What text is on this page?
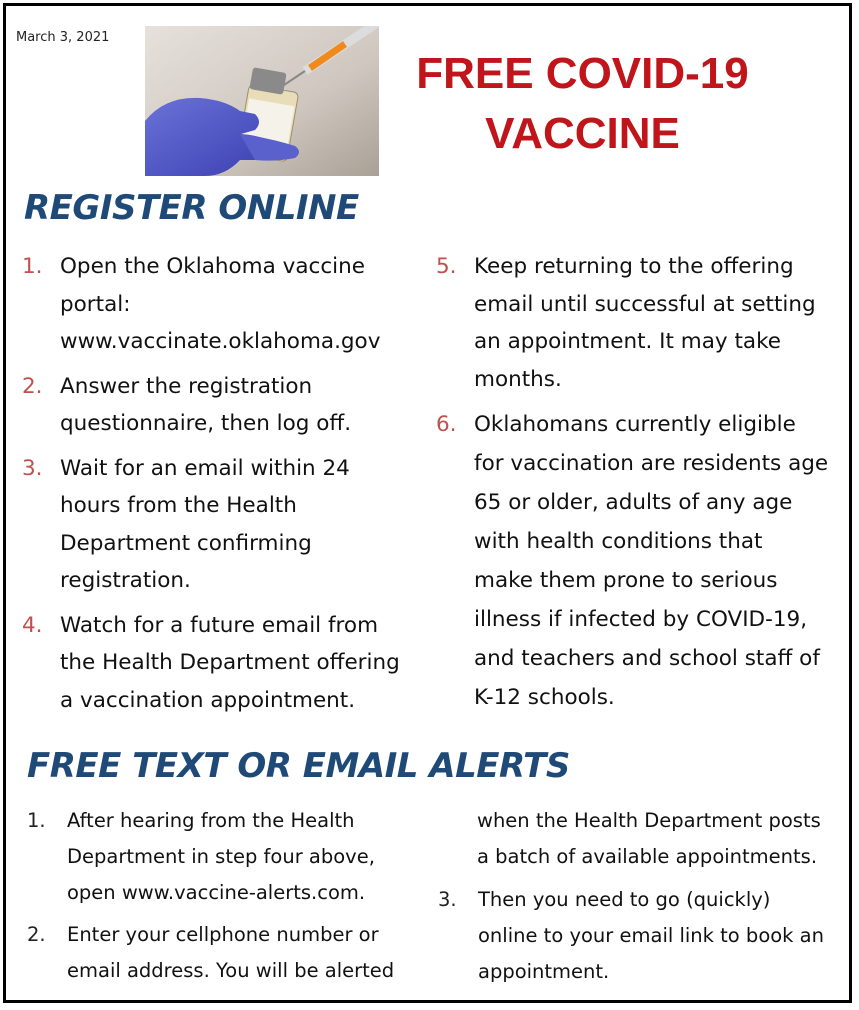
March 3, 2021
FREE COVID-19
VACCINE
REGISTER ONLINE
1. Open the Oklahoma vaccine
portal:
www.vaccinate.oklahoma.gov
2. Answer the registration
questionnaire, then log off.
3. Wait for an email within 24
hours from the Health
Department confirming
registration.
4. Watch for a future email from
the Health Department offering
a vaccination appointment.
5. Keep returning to the offering
email until successful at setting
an appointment. It may take
months.
6. Oklahomans currently eligible
for vaccination are residents age
65 or older, adults of any age
with health conditions that
make them prone to serious
illness if infected by COVID-19,
and teachers and school staff of
K-12 schools.
FREE TEXT OR EMAIL ALERTS
1. After hearing from the Health
Department in step four above,
open www.vaccine-alerts.com.
2. Enter your cellphone number or
email address. You will be alerted
when the Health Department posts
a batch of available appointments.
3. Then you need to go (quickly)
online to your email link to book an
appointment.
